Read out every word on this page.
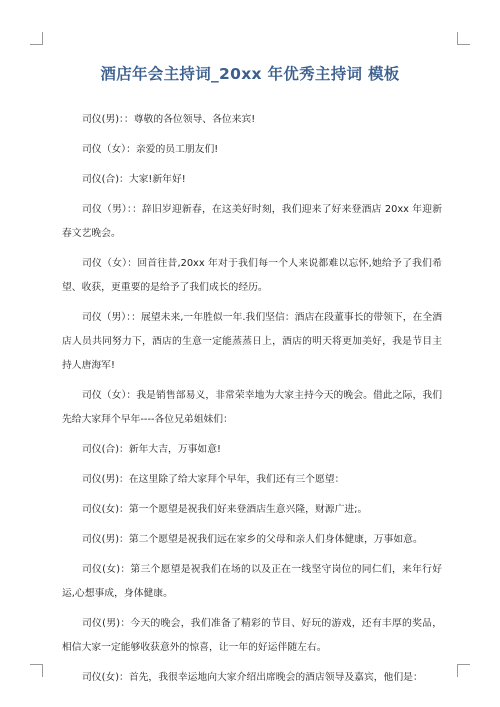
酒店年会主持词_20xx 年优秀主持词 模板

司仪(男)：：尊敬的各位领导、各位来宾!

司仪（女）：亲爱的员工朋友们!

司仪(合)：大家!新年好!

司仪（男）：：辞旧岁迎新春，在这美好时刻，我们迎来了好来登酒店 20xx 年迎新春文艺晚会。

司仪（女）：回首往昔,20xx 年对于我们每一个人来说都难以忘怀,她给予了我们希望、收获，更重要的是给予了我们成长的经历。

司仪（男）：：展望未来,一年胜似一年.我们坚信：酒店在段董事长的带领下，在全酒店人员共同努力下，酒店的生意一定能蒸蒸日上，酒店的明天将更加美好，我是节目主持人唐海军!

司仪（女）：我是销售部易义，非常荣幸地为大家主持今天的晚会。借此之际，我们先给大家拜个早年----各位兄弟姐妹们：

司仪(合)：新年大吉，万事如意!

司仪(男)：在这里除了给大家拜个早年，我们还有三个愿望：

司仪(女)：第一个愿望是祝我们好来登酒店生意兴隆，财源广进;。

司仪(男)：第二个愿望是祝我们远在家乡的父母和亲人们身体健康，万事如意。

司仪(女)：第三个愿望是祝我们在场的以及正在一线坚守岗位的同仁们，来年行好运,心想事成，身体健康。

司仪(男)：今天的晚会，我们准备了精彩的节目、好玩的游戏，还有丰厚的奖品，相信大家一定能够收获意外的惊喜，让一年的好运伴随左右。

司仪(女)：首先，我很幸运地向大家介绍出席晚会的酒店领导及嘉宾，他们是：
